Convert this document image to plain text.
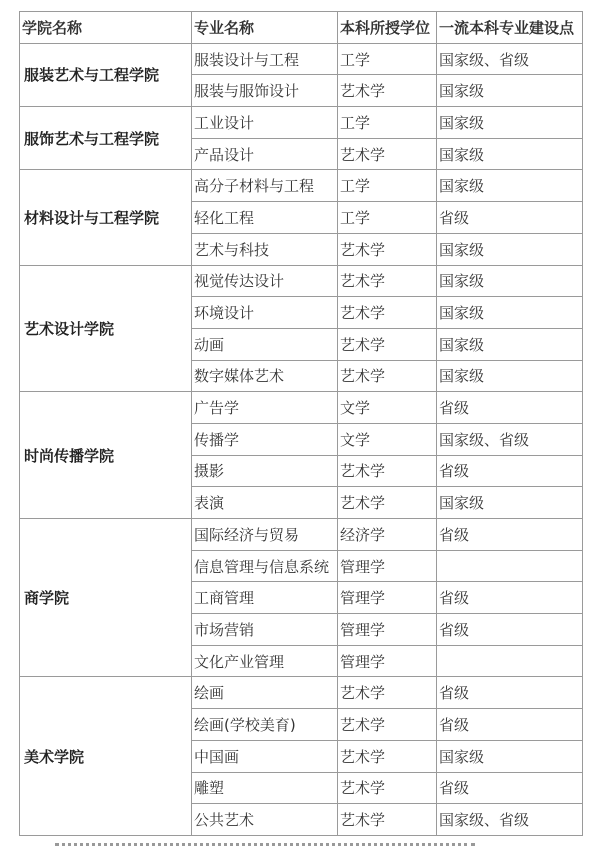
学院名称	专业名称	本科所授学位	一流本科专业建设点
服装艺术与工程学院	服装设计与工程	工学	国家级、省级
	服装与服饰设计	艺术学	国家级
服饰艺术与工程学院	工业设计	工学	国家级
	产品设计	艺术学	国家级
材料设计与工程学院	高分子材料与工程	工学	国家级
	轻化工程	工学	省级
	艺术与科技	艺术学	国家级
艺术设计学院	视觉传达设计	艺术学	国家级
	环境设计	艺术学	国家级
	动画	艺术学	国家级
	数字媒体艺术	艺术学	国家级
时尚传播学院	广告学	文学	省级
	传播学	文学	国家级、省级
	摄影	艺术学	省级
	表演	艺术学	国家级
商学院	国际经济与贸易	经济学	省级
	信息管理与信息系统	管理学	
	工商管理	管理学	省级
	市场营销	管理学	省级
	文化产业管理	管理学	
美术学院	绘画	艺术学	省级
	绘画(学校美育)	艺术学	省级
	中国画	艺术学	国家级
	雕塑	艺术学	省级
	公共艺术	艺术学	国家级、省级
